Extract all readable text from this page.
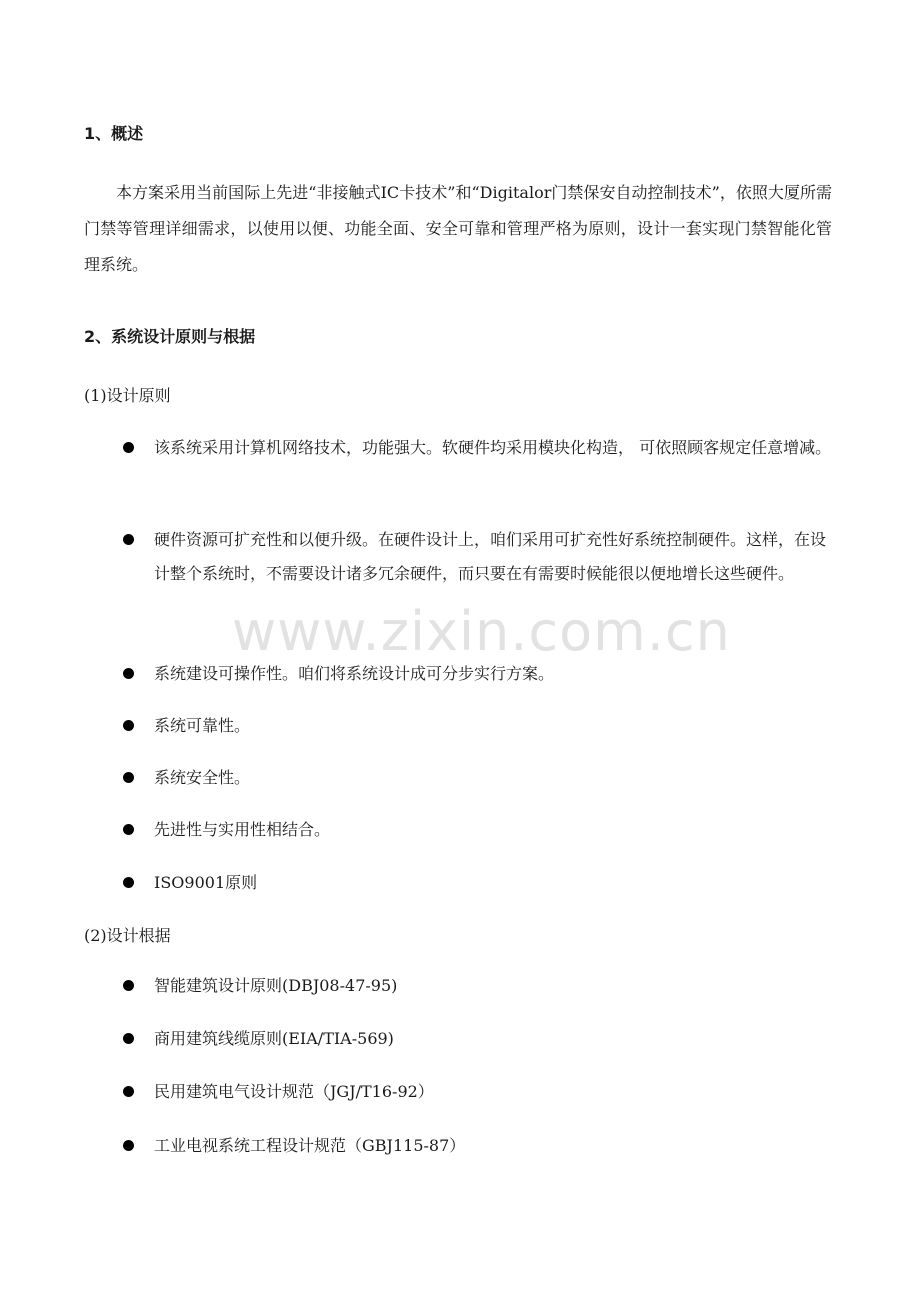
1、概述

本方案采用当前国际上先进“非接触式IC卡技术”和“Digitalor门禁保安自动控制技术”，依照大厦所需门禁等管理详细需求，以使用以便、功能全面、安全可靠和管理严格为原则，设计一套实现门禁智能化管理系统。

2、系统设计原则与根据

(1)设计原则

该系统采用计算机网络技术，功能强大。软硬件均采用模块化构造， 可依照顾客规定任意增减。
硬件资源可扩充性和以便升级。在硬件设计上，咱们采用可扩充性好系统控制硬件。这样，在设计整个系统时，不需要设计诸多冗余硬件，而只要在有需要时候能很以便地增长这些硬件。
系统建设可操作性。咱们将系统设计成可分步实行方案。
系统可靠性。
系统安全性。
先进性与实用性相结合。
ISO9001原则

(2)设计根据

智能建筑设计原则(DBJ08-47-95)
商用建筑线缆原则(EIA/TIA-569)
民用建筑电气设计规范（JGJ/T16-92）
工业电视系统工程设计规范（GBJ115-87）
www.zixin.com.cn
